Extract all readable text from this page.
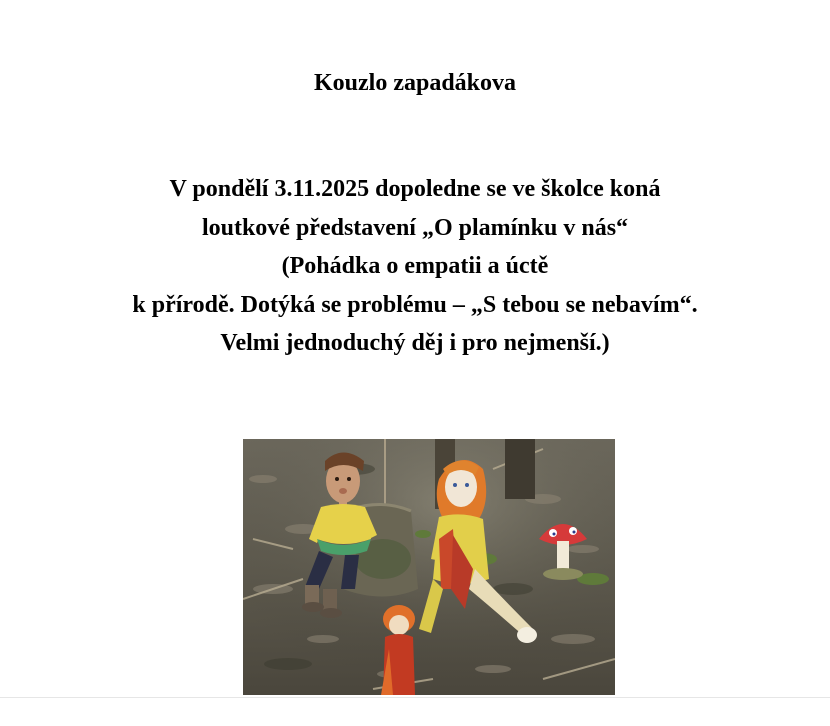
Kouzlo zapadákova
V pondělí 3.11.2025 dopoledne se ve školce koná
loutkové představení „O plamínku v nás“
(Pohádka o empatii a úctě
k přírodě. Dotýká se problému – „S tebou se nebavím“.
Velmi jednoduchý děj i pro nejmenší.)
